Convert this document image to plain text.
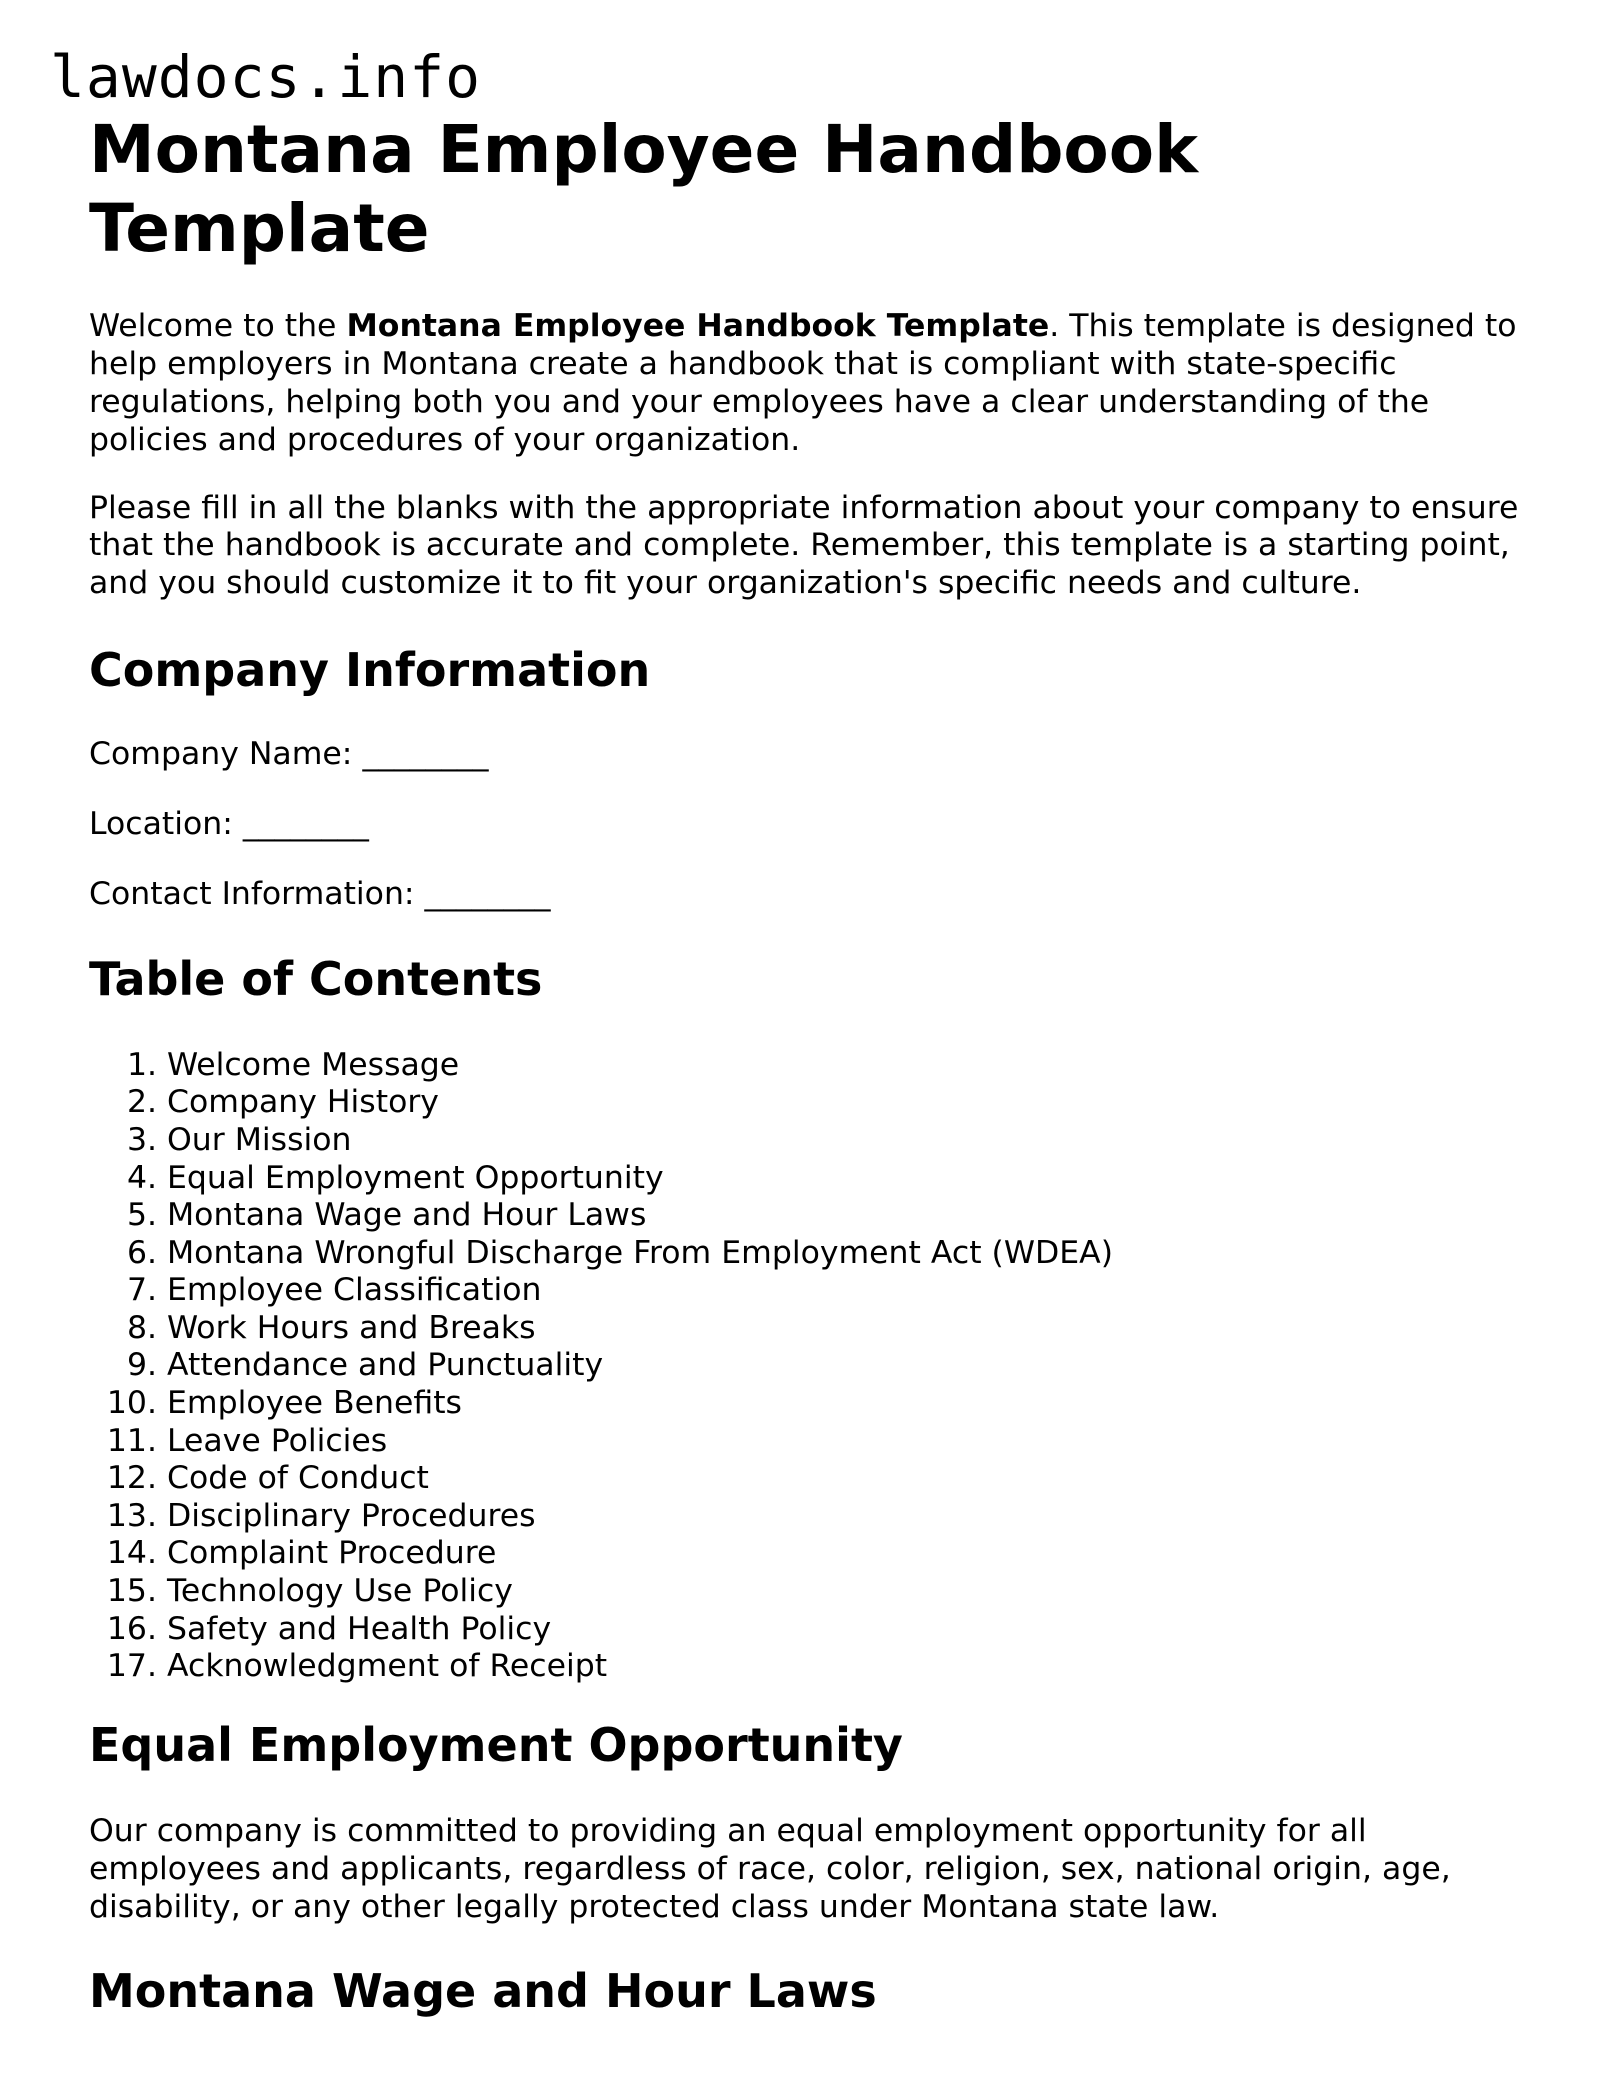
lawdocs.info
Montana Employee Handbook Template

Welcome to the Montana Employee Handbook Template. This template is designed to help employers in Montana create a handbook that is compliant with state-specific regulations, helping both you and your employees have a clear understanding of the policies and procedures of your organization.

Please fill in all the blanks with the appropriate information about your company to ensure that the handbook is accurate and complete. Remember, this template is a starting point, and you should customize it to fit your organization's specific needs and culture.

Company Information

Company Name: ________

Location: ________

Contact Information: ________

Table of Contents
1. Welcome Message
2. Company History
3. Our Mission
4. Equal Employment Opportunity
5. Montana Wage and Hour Laws
6. Montana Wrongful Discharge From Employment Act (WDEA)
7. Employee Classification
8. Work Hours and Breaks
9. Attendance and Punctuality
10. Employee Benefits
11. Leave Policies
12. Code of Conduct
13. Disciplinary Procedures
14. Complaint Procedure
15. Technology Use Policy
16. Safety and Health Policy
17. Acknowledgment of Receipt
Equal Employment Opportunity

Our company is committed to providing an equal employment opportunity for all employees and applicants, regardless of race, color, religion, sex, national origin, age, disability, or any other legally protected class under Montana state law.

Montana Wage and Hour Laws
